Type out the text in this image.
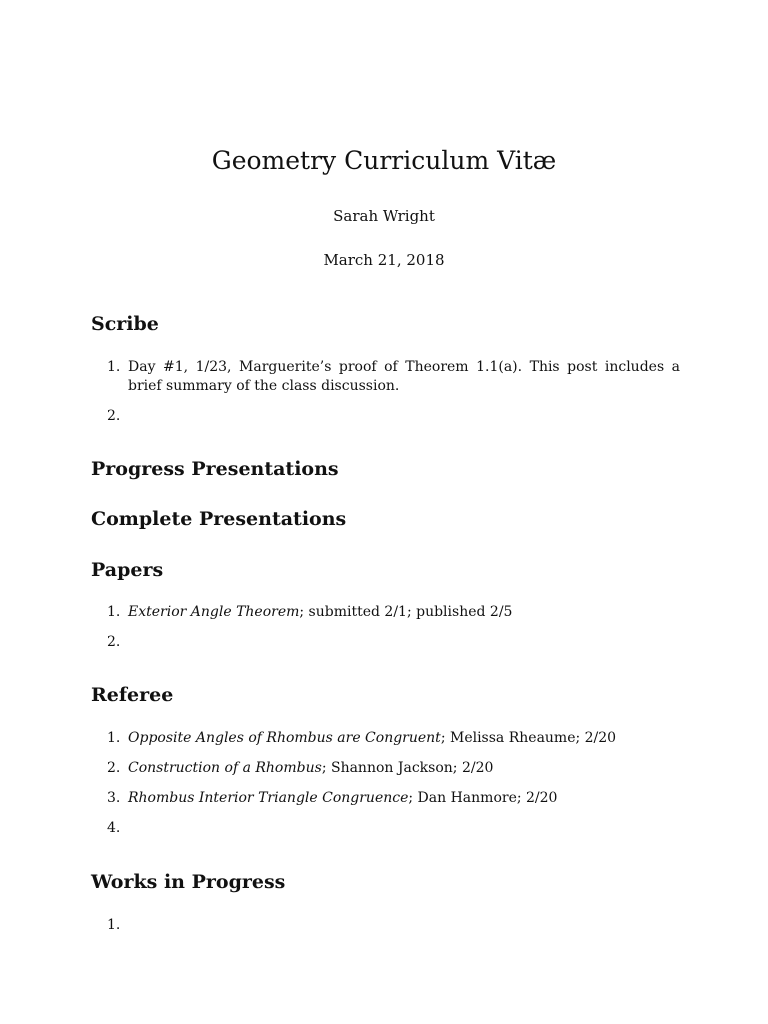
Geometry Curriculum Vitæ
Sarah Wright
March 21, 2018
Scribe
1. Day #1, 1/23, Marguerite’s proof of Theorem 1.1(a). This post includes a brief summary of the class discussion.
2.
Progress Presentations
Complete Presentations
Papers
1. Exterior Angle Theorem; submitted 2/1; published 2/5
2.
Referee
1. Opposite Angles of Rhombus are Congruent; Melissa Rheaume; 2/20
2. Construction of a Rhombus; Shannon Jackson; 2/20
3. Rhombus Interior Triangle Congruence; Dan Hanmore; 2/20
4.
Works in Progress
1.
